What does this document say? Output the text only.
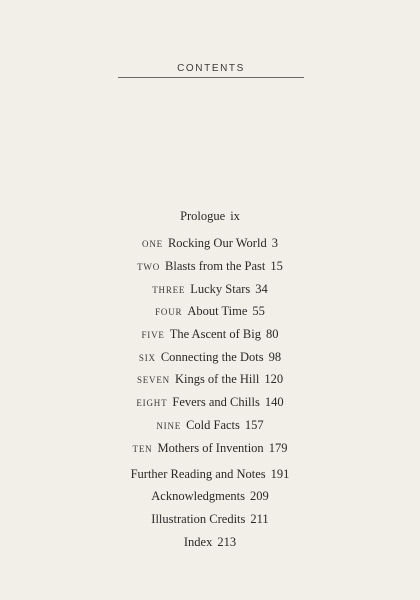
CONTENTS
Prologue ix
ONE Rocking Our World 3
TWO Blasts from the Past 15
THREE Lucky Stars 34
FOUR About Time 55
FIVE The Ascent of Big 80
SIX Connecting the Dots 98
SEVEN Kings of the Hill 120
EIGHT Fevers and Chills 140
NINE Cold Facts 157
TEN Mothers of Invention 179
Further Reading and Notes 191
Acknowledgments 209
Illustration Credits 211
Index 213
